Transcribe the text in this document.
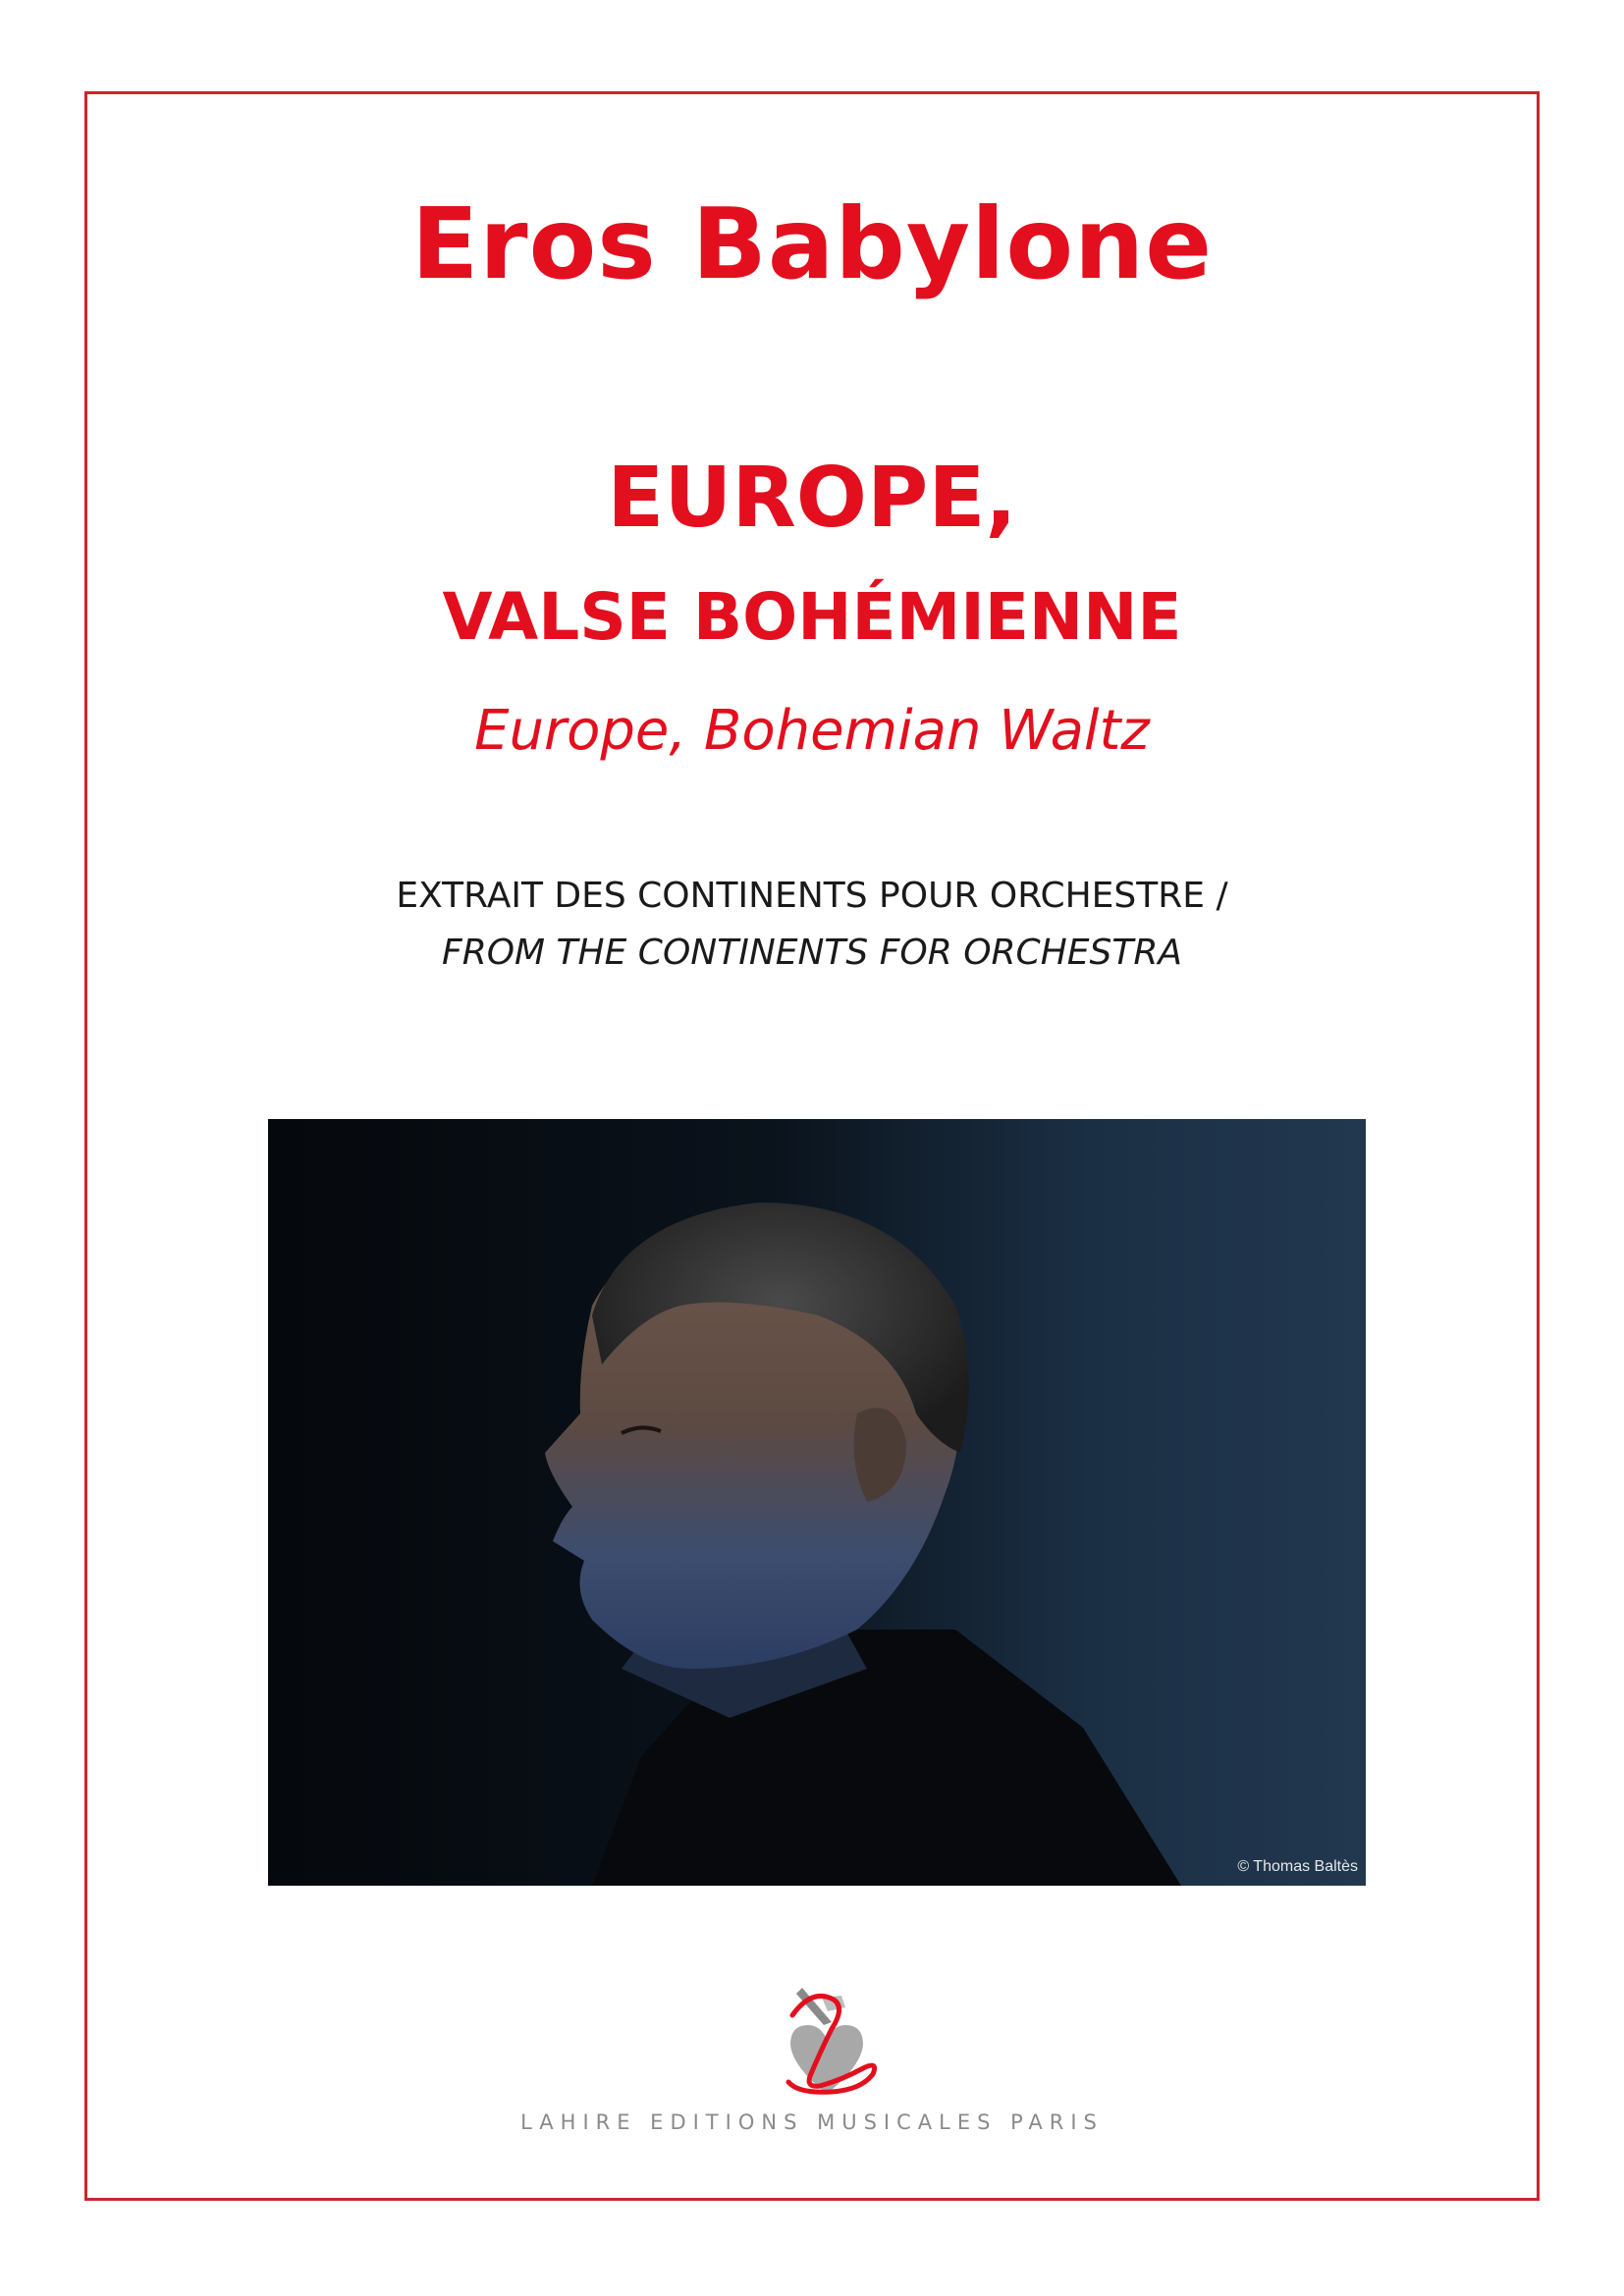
Eros Babylone
EUROPE,
VALSE BOHÉMIENNE
Europe, Bohemian Waltz
EXTRAIT DES CONTINENTS POUR ORCHESTRE /
FROM THE CONTINENTS FOR ORCHESTRA
© Thomas Baltès
LAHIRE EDITIONS MUSICALES PARIS
